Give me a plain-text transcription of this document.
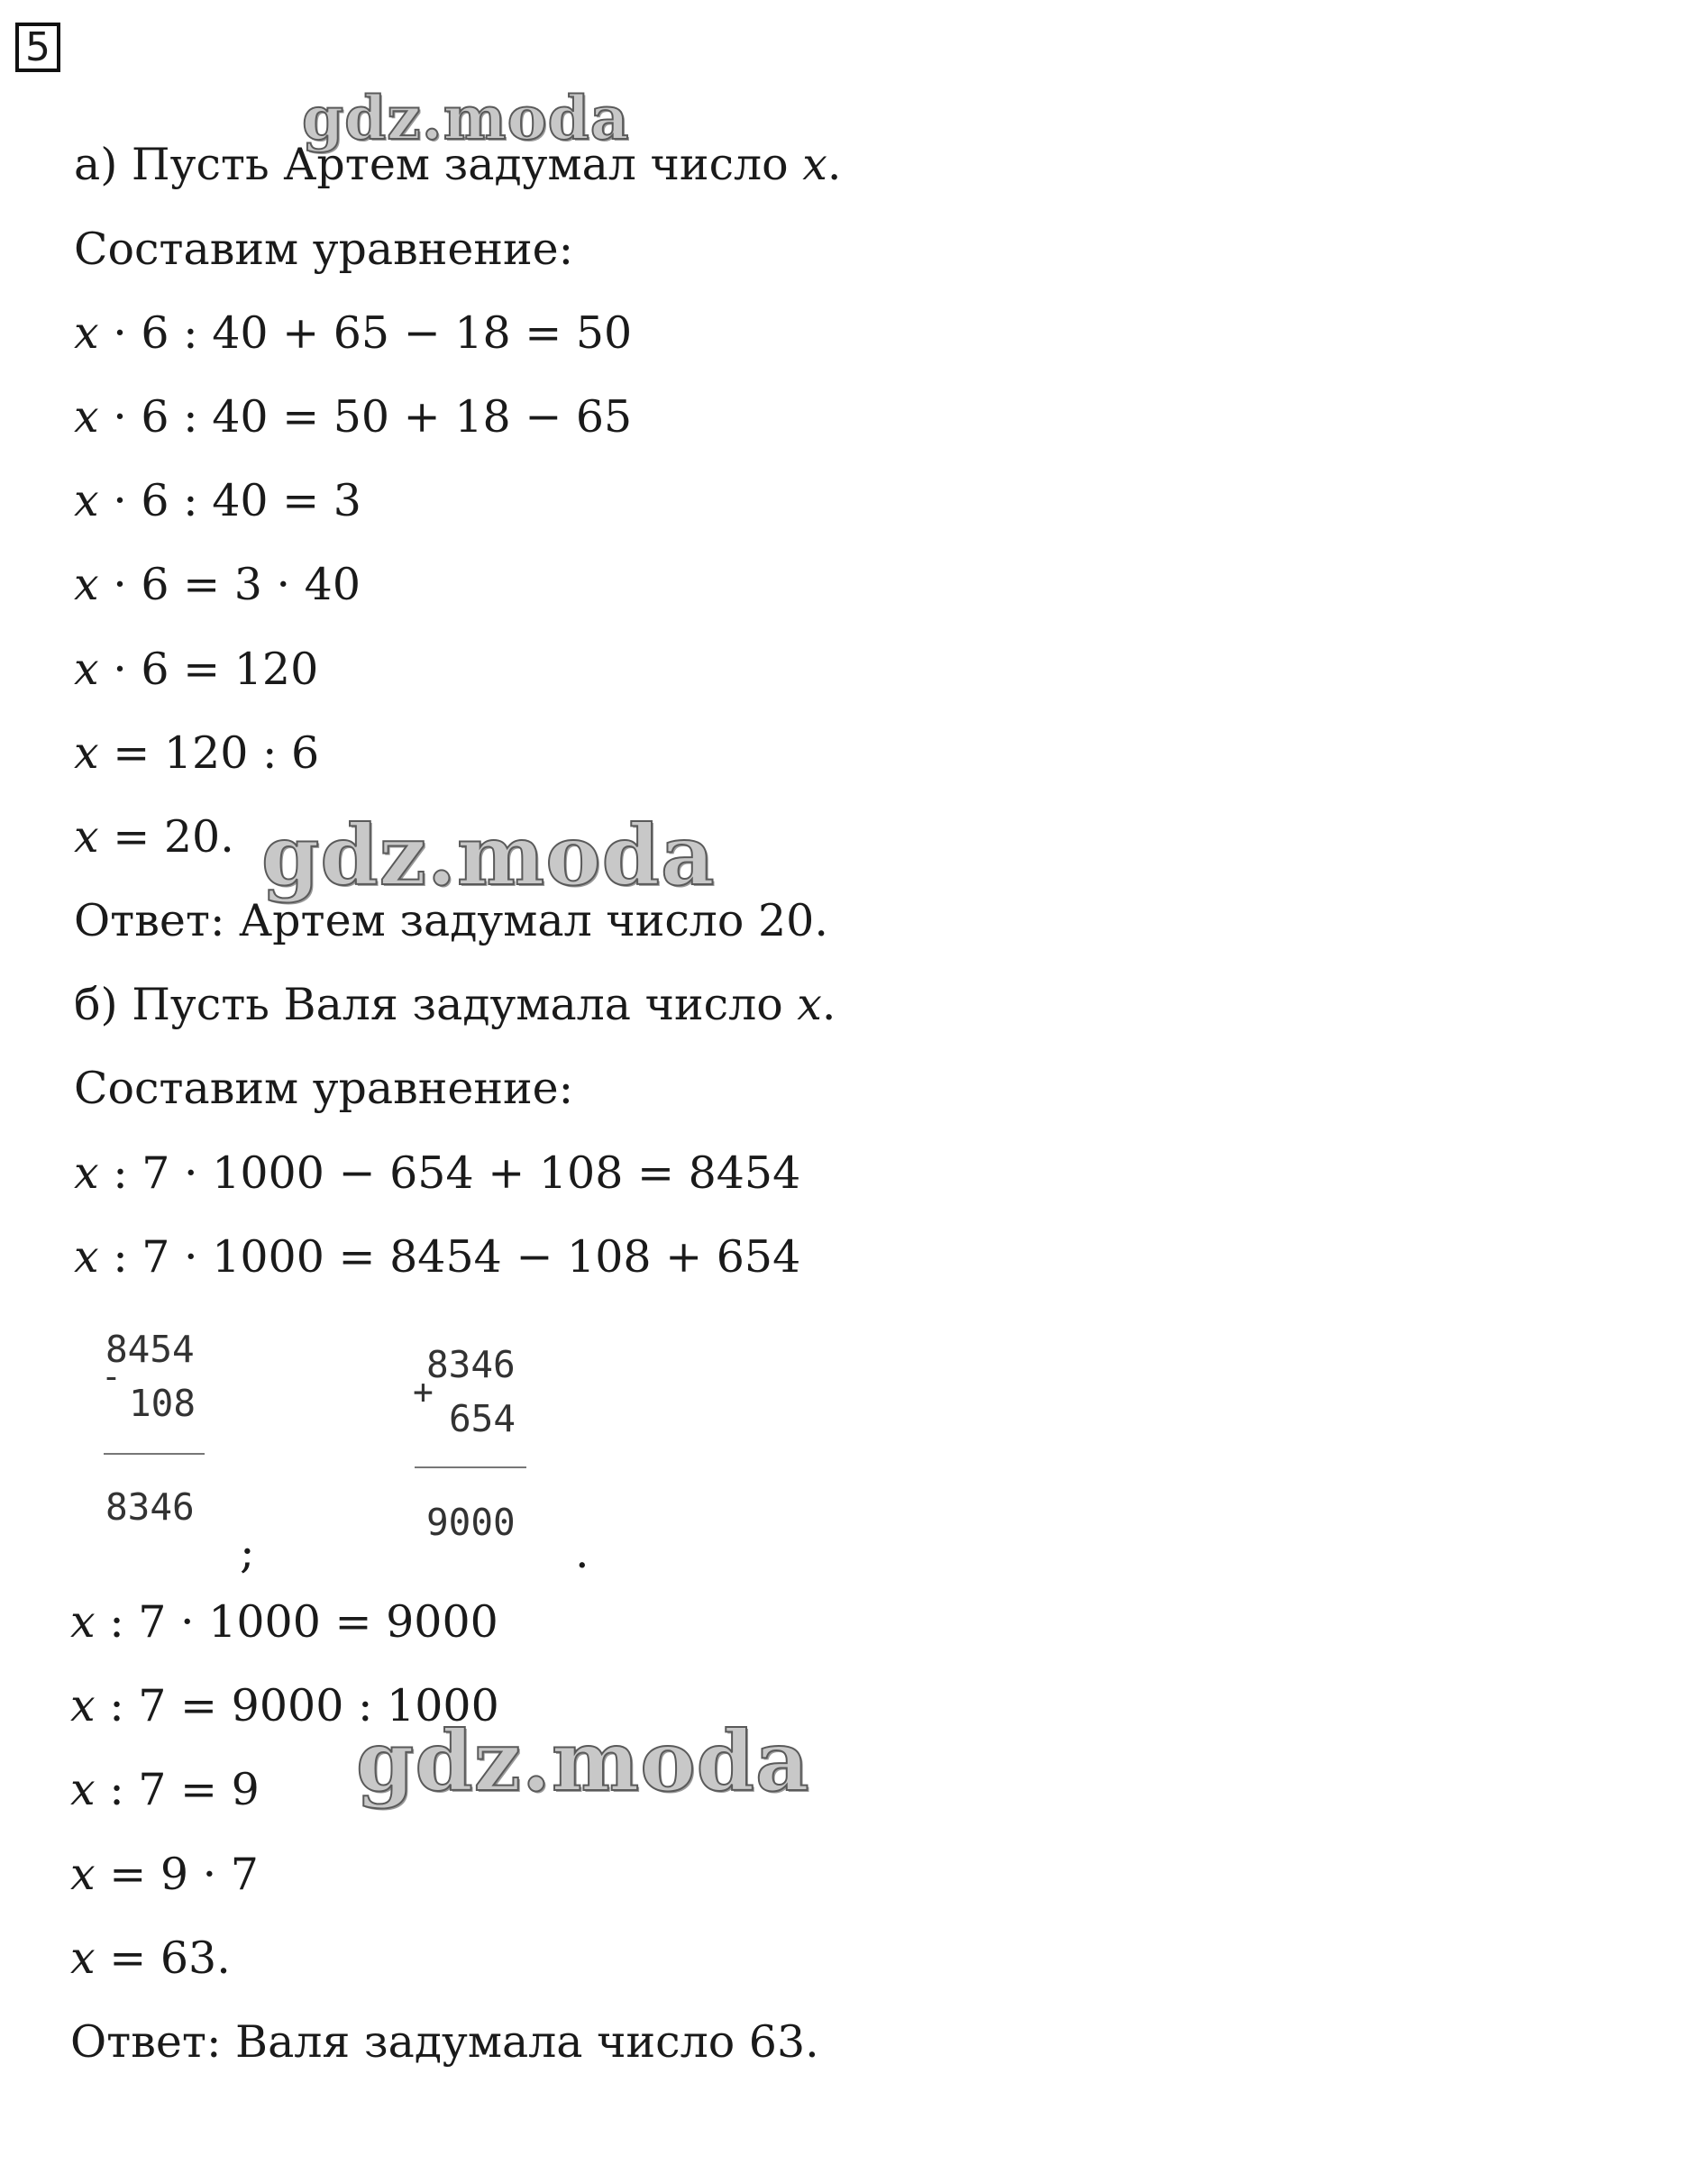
5
а) Пусть Артем задумал число 𝑥.
Составим уравнение:
𝑥 · 6 : 40 + 65 − 18 = 50
𝑥 · 6 : 40 = 50 + 18 − 65
𝑥 · 6 : 40 = 3
𝑥 · 6 = 3 · 40
𝑥 · 6 = 120
𝑥 = 120 : 6
𝑥 = 20.
Ответ: Артем задумал число 20.
б) Пусть Валя задумала число 𝑥.
Составим уравнение:
𝑥 : 7 · 1000 − 654 + 108 = 8454
𝑥 : 7 · 1000 = 8454 − 108 + 654
-
8454
108
8346
;
+
8346
654
9000
.
𝑥 : 7 · 1000 = 9000
𝑥 : 7 = 9000 : 1000
𝑥 : 7 = 9
𝑥 = 9 · 7
𝑥 = 63.
Ответ: Валя задумала число 63.
gdz.moda
gdz.moda
gdz.moda
